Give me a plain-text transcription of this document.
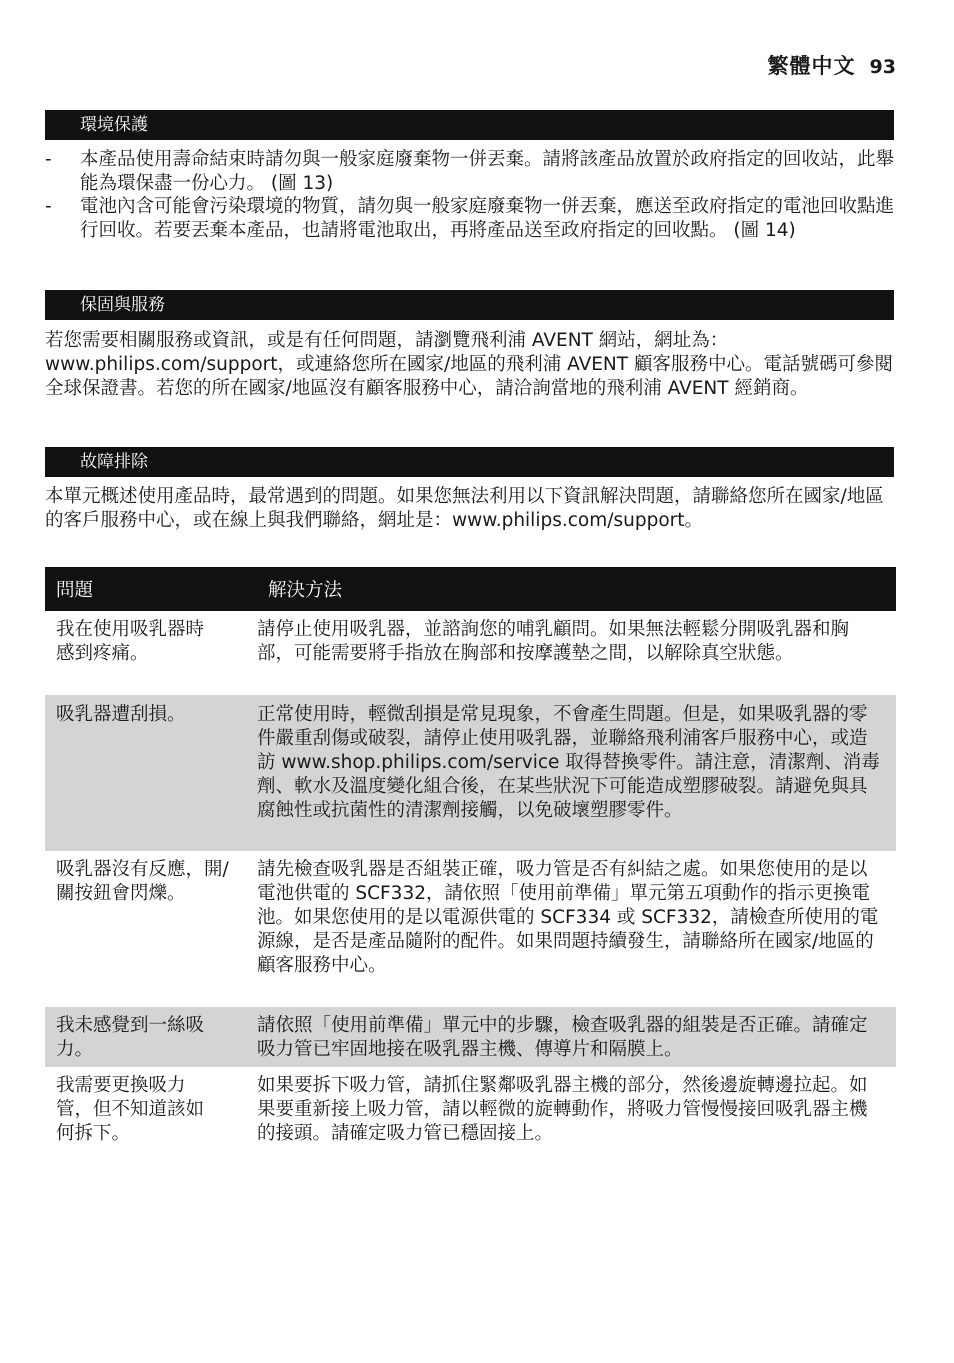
繁體中文 93
環境保護
- 本產品使用壽命結束時請勿與一般家庭廢棄物一併丟棄。請將該產品放置於政府指定的回收站，此舉能為環保盡一份心力。 (圖 13)
- 電池內含可能會污染環境的物質，請勿與一般家庭廢棄物一併丟棄，應送至政府指定的電池回收點進行回收。若要丟棄本產品，也請將電池取出，再將產品送至政府指定的回收點。 (圖 14)
保固與服務

若您需要相關服務或資訊，或是有任何問題，請瀏覽飛利浦 AVENT 網站，網址為：www.philips.com/support，或連絡您所在國家/地區的飛利浦 AVENT 顧客服務中心。電話號碼可參閱全球保證書。若您的所在國家/地區沒有顧客服務中心，請洽詢當地的飛利浦 AVENT 經銷商。

故障排除

本單元概述使用產品時，最常遇到的問題。如果您無法利用以下資訊解決問題，請聯絡您所在國家/地區的客戶服務中心，或在線上與我們聯絡，網址是：www.philips.com/support。

問題	解決方法
我在使用吸乳器時感到疼痛。
請停止使用吸乳器，並諮詢您的哺乳顧問。如果無法輕鬆分開吸乳器和胸部，可能需要將手指放在胸部和按摩護墊之間，以解除真空狀態。
吸乳器遭刮損。	正常使用時，輕微刮損是常見現象，不會產生問題。但是，如果吸乳器的零件嚴重刮傷或破裂，請停止使用吸乳器，並聯絡飛利浦客戶服務中心，或造訪 www.shop.philips.com/service 取得替換零件。請注意，清潔劑、消毒劑、軟水及溫度變化組合後，在某些狀況下可能造成塑膠破裂。請避免與具腐蝕性或抗菌性的清潔劑接觸，以免破壞塑膠零件。
吸乳器沒有反應，開/關按鈕會閃爍。
請先檢查吸乳器是否組裝正確，吸力管是否有糾結之處。如果您使用的是以電池供電的 SCF332，請依照「使用前準備」單元第五項動作的指示更換電池。如果您使用的是以電源供電的 SCF334 或 SCF332，請檢查所使用的電源線，是否是產品隨附的配件。如果問題持續發生，請聯絡所在國家/地區的顧客服務中心。
我未感覺到一絲吸力。
請依照「使用前準備」單元中的步驟，檢查吸乳器的組裝是否正確。請確定吸力管已牢固地接在吸乳器主機、傳導片和隔膜上。
我需要更換吸力管，但不知道該如何拆下。
如果要拆下吸力管，請抓住緊鄰吸乳器主機的部分，然後邊旋轉邊拉起。如果要重新接上吸力管，請以輕微的旋轉動作，將吸力管慢慢接回吸乳器主機的接頭。請確定吸力管已穩固接上。
